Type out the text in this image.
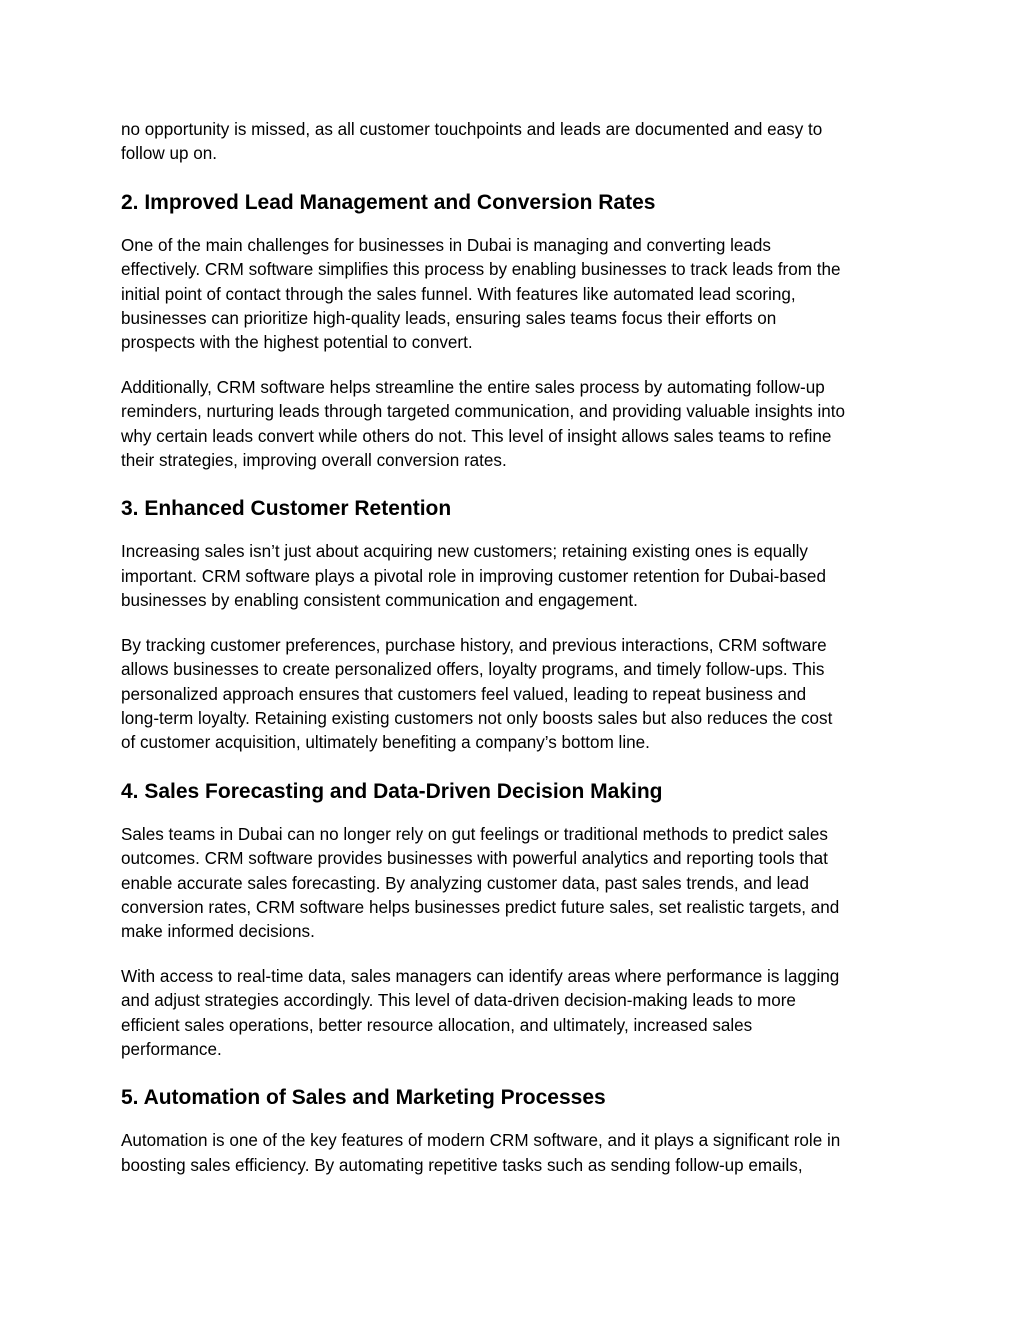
no opportunity is missed, as all customer touchpoints and leads are documented and easy to
follow up on.

2. Improved Lead Management and Conversion Rates

One of the main challenges for businesses in Dubai is managing and converting leads
effectively. CRM software simplifies this process by enabling businesses to track leads from the
initial point of contact through the sales funnel. With features like automated lead scoring,
businesses can prioritize high-quality leads, ensuring sales teams focus their efforts on
prospects with the highest potential to convert.

Additionally, CRM software helps streamline the entire sales process by automating follow-up
reminders, nurturing leads through targeted communication, and providing valuable insights into
why certain leads convert while others do not. This level of insight allows sales teams to refine
their strategies, improving overall conversion rates.

3. Enhanced Customer Retention

Increasing sales isn’t just about acquiring new customers; retaining existing ones is equally
important. CRM software plays a pivotal role in improving customer retention for Dubai-based
businesses by enabling consistent communication and engagement.

By tracking customer preferences, purchase history, and previous interactions, CRM software
allows businesses to create personalized offers, loyalty programs, and timely follow-ups. This
personalized approach ensures that customers feel valued, leading to repeat business and
long-term loyalty. Retaining existing customers not only boosts sales but also reduces the cost
of customer acquisition, ultimately benefiting a company’s bottom line.

4. Sales Forecasting and Data-Driven Decision Making

Sales teams in Dubai can no longer rely on gut feelings or traditional methods to predict sales
outcomes. CRM software provides businesses with powerful analytics and reporting tools that
enable accurate sales forecasting. By analyzing customer data, past sales trends, and lead
conversion rates, CRM software helps businesses predict future sales, set realistic targets, and
make informed decisions.

With access to real-time data, sales managers can identify areas where performance is lagging
and adjust strategies accordingly. This level of data-driven decision-making leads to more
efficient sales operations, better resource allocation, and ultimately, increased sales
performance.

5. Automation of Sales and Marketing Processes

Automation is one of the key features of modern CRM software, and it plays a significant role in
boosting sales efficiency. By automating repetitive tasks such as sending follow-up emails,
